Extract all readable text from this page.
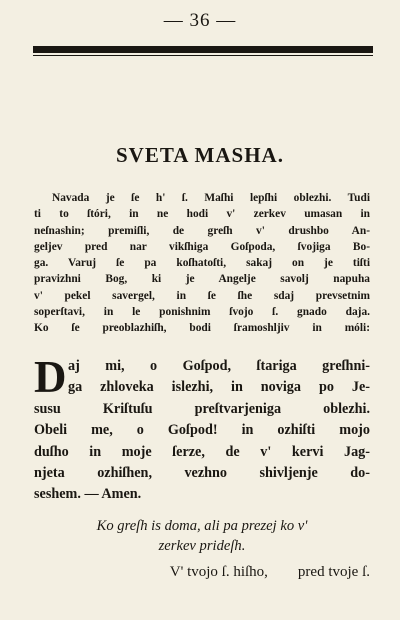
— 36 —
SVETA MASHA.
Navada je ſe h' ſ. Maſhi lepſhi oblezhi. Tudi
ti to ſtóri, in ne hodi v' zerkev umasan in
neſnashin; premiſli, de greſh v' drushbo An-
geljev pred nar vikſhiga Goſpoda, ſvojiga Bo-
ga. Varuj ſe pa koſhatoſti, sakaj on je tiſti
pravizhni Bog, ki je Angelje savolj napuha
v' pekel savergel, in ſe ſhe sdaj prevsetnim
soperſtavi, in le ponishnim ſvojo ſ. gnado daja.
Ko ſe preoblazhiſh, bodi ſramoshljiv in móli:
D aj mi, o Goſpod, ſtariga greſhni-
ga zhloveka islezhi, in noviga po Je-
susu Kriſtuſu preſtvarjeniga oblezhi.
Obeli me, o Goſpod! in ozhiſti mojo
duſho in moje ſerze, de v' kervi Jag-
njeta ozhiſhen, vezhno shivljenje do-
seshem. — Amen.
Ko greſh is doma, ali pa prezej ko v'
zerkev prideſh.
V' tvojo ſ. hiſho, pred tvoje ſ.
